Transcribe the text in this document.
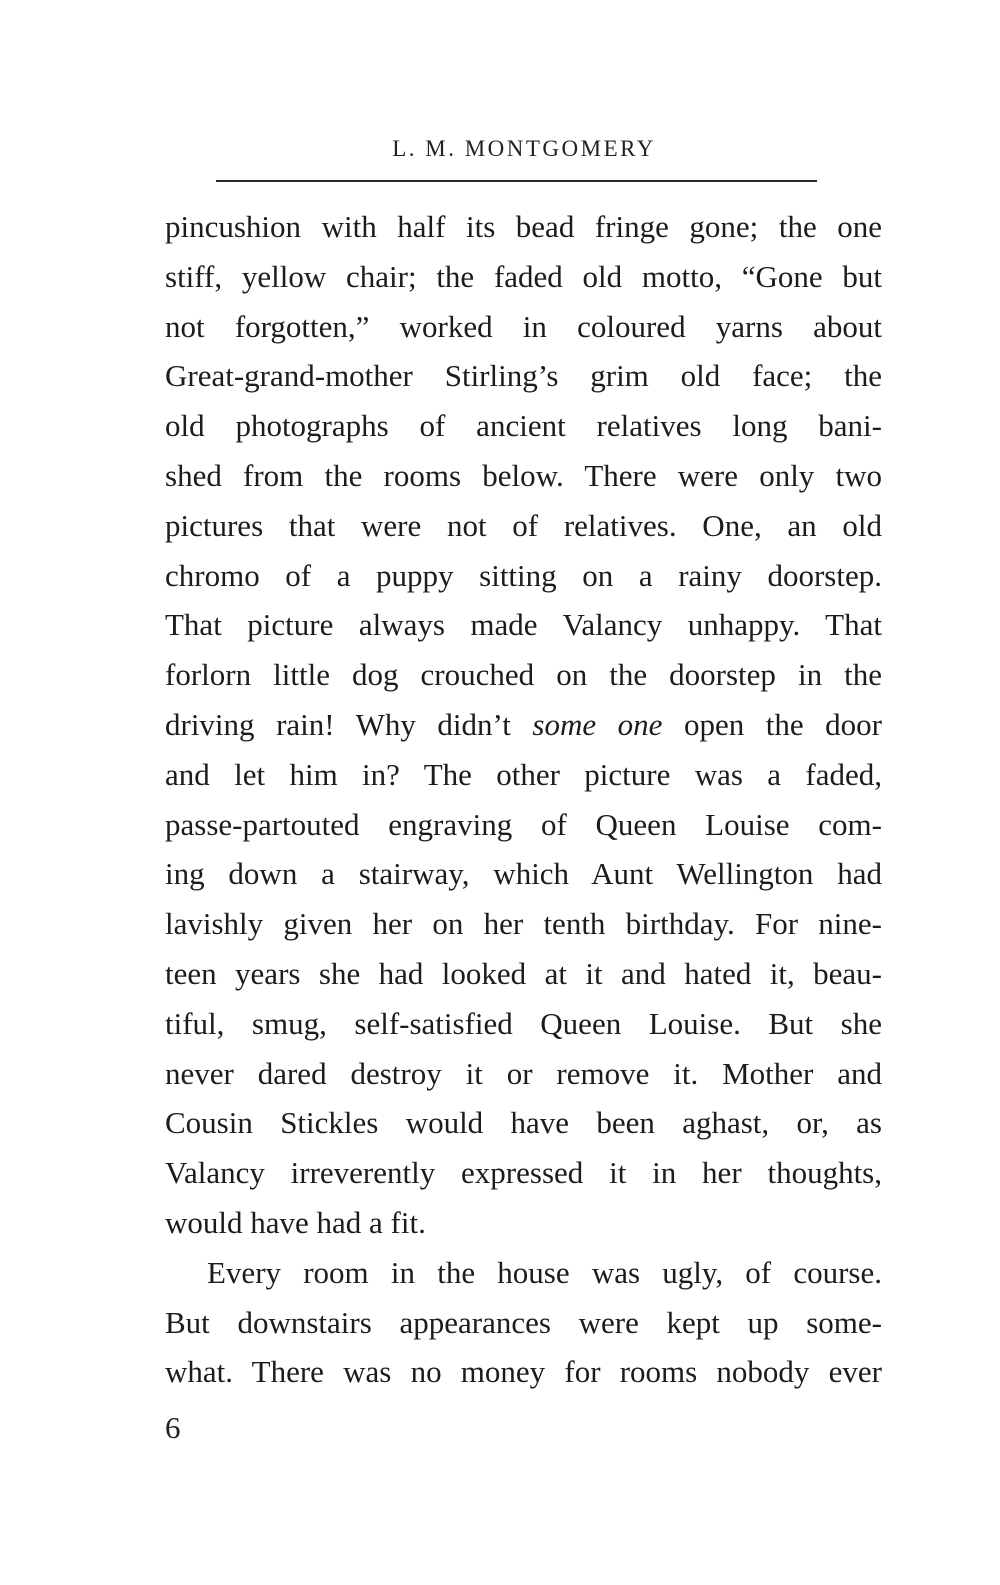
L. M. MONTGOMERY
pincushion with half its bead fringe gone; the one
stiff, yellow chair; the faded old motto, “Gone but
not forgotten,” worked in coloured yarns about
Great-grand-mother Stirling’s grim old face; the
old photographs of ancient relatives long bani-
shed from the rooms below. There were only two
pictures that were not of relatives. One, an old
chromo of a puppy sitting on a rainy doorstep.
That picture always made Valancy unhappy. That
forlorn little dog crouched on the doorstep in the
driving rain! Why didn’t some one open the door
and let him in? The other picture was a faded,
passe-partouted engraving of Queen Louise com-
ing down a stairway, which Aunt Wellington had
lavishly given her on her tenth birthday. For nine-
teen years she had looked at it and hated it, beau-
tiful, smug, self-satisfied Queen Louise. But she
never dared destroy it or remove it. Mother and
Cousin Stickles would have been aghast, or, as
Valancy irreverently expressed it in her thoughts,
would have had a fit.
Every room in the house was ugly, of course.
But downstairs appearances were kept up some-
what. There was no money for rooms nobody ever
6
